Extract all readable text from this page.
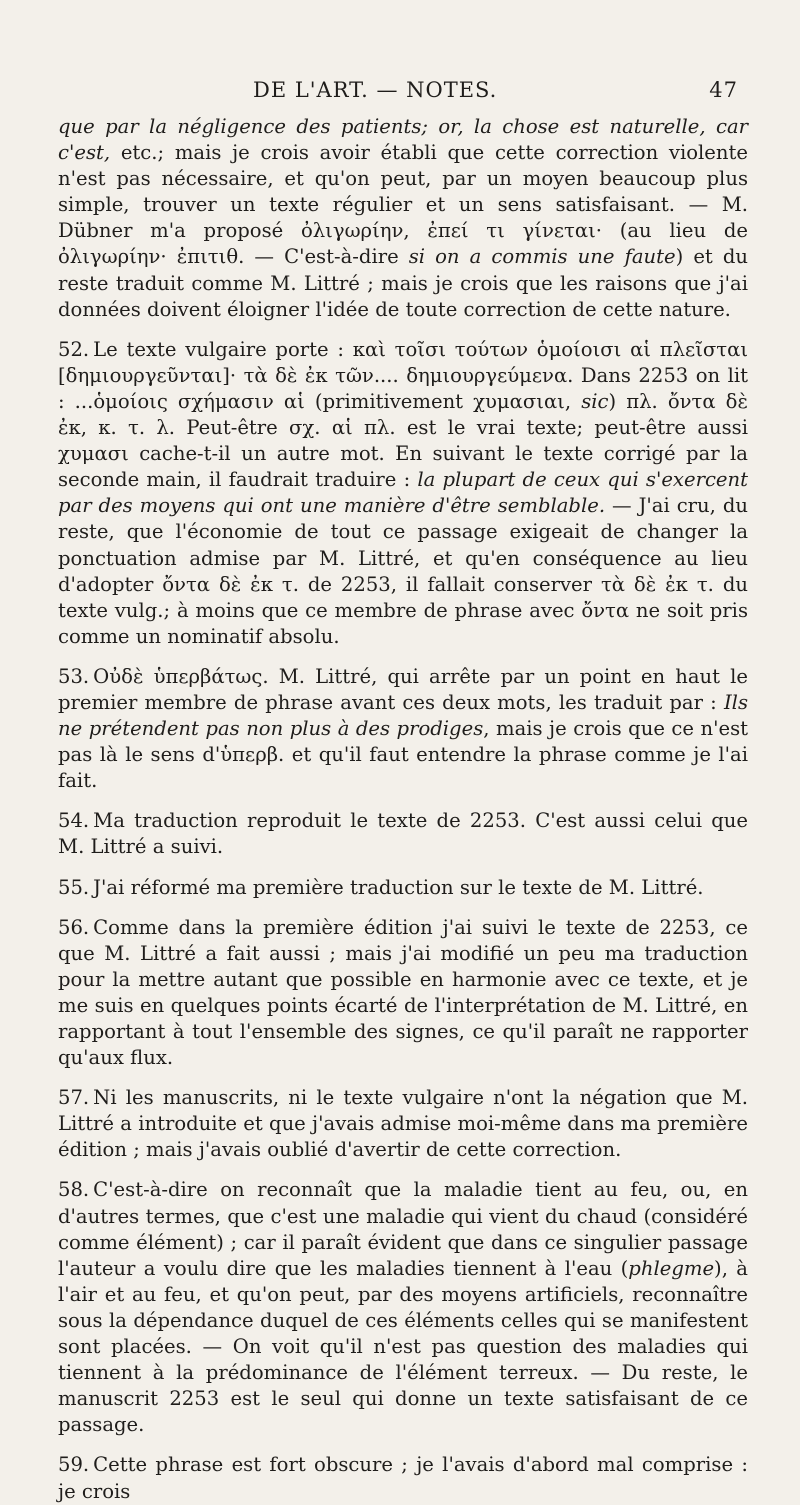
DE L'ART. — NOTES.	47

que par la négligence des patients; or, la chose est naturelle, car c'est, etc.; mais je crois avoir établi que cette correction violente n'est pas nécessaire, et qu'on peut, par un moyen beaucoup plus simple, trouver un texte régulier et un sens satisfaisant. — M. Dübner m'a proposé ὀλιγωρίην, ἐπεί τι γίνεται· (au lieu de ὀλιγωρίην· ἐπιτιθ. — C'est-à-dire si on a commis une faute) et du reste traduit comme M. Littré ; mais je crois que les raisons que j'ai données doivent éloigner l'idée de toute correction de cette nature.

52. Le texte vulgaire porte : καὶ τοῖσι τούτων ὁμοίοισι αἱ πλεῖσται [δημιουργεῦνται]· τὰ δὲ ἐκ τῶν.... δημιουργεύμενα. Dans 2253 on lit : ...ὁμοίοις σχήμασιν αἱ (primitivement χυμασιαι, sic) πλ. ὄντα δὲ ἐκ, κ. τ. λ. Peut-être σχ. αἱ πλ. est le vrai texte; peut-être aussi χυμασι cache-t-il un autre mot. En suivant le texte corrigé par la seconde main, il faudrait traduire : la plupart de ceux qui s'exercent par des moyens qui ont une manière d'être semblable. — J'ai cru, du reste, que l'économie de tout ce passage exigeait de changer la ponctuation admise par M. Littré, et qu'en conséquence au lieu d'adopter ὄντα δὲ ἐκ τ. de 2253, il fallait conserver τὰ δὲ ἐκ τ. du texte vulg.; à moins que ce membre de phrase avec ὄντα ne soit pris comme un nominatif absolu.

53. Οὐδὲ ὑπερβάτως. M. Littré, qui arrête par un point en haut le premier membre de phrase avant ces deux mots, les traduit par : Ils ne prétendent pas non plus à des prodiges, mais je crois que ce n'est pas là le sens d'ὑπερβ. et qu'il faut entendre la phrase comme je l'ai fait.

54. Ma traduction reproduit le texte de 2253. C'est aussi celui que M. Littré a suivi.

55. J'ai réformé ma première traduction sur le texte de M. Littré.

56. Comme dans la première édition j'ai suivi le texte de 2253, ce que M. Littré a fait aussi ; mais j'ai modifié un peu ma traduction pour la mettre autant que possible en harmonie avec ce texte, et je me suis en quelques points écarté de l'interprétation de M. Littré, en rapportant à tout l'ensemble des signes, ce qu'il paraît ne rapporter qu'aux flux.

57. Ni les manuscrits, ni le texte vulgaire n'ont la négation que M. Littré a introduite et que j'avais admise moi-même dans ma première édition ; mais j'avais oublié d'avertir de cette correction.

58. C'est-à-dire on reconnaît que la maladie tient au feu, ou, en d'autres termes, que c'est une maladie qui vient du chaud (considéré comme élément) ; car il paraît évident que dans ce singulier passage l'auteur a voulu dire que les maladies tiennent à l'eau (phlegme), à l'air et au feu, et qu'on peut, par des moyens artificiels, reconnaître sous la dépendance duquel de ces éléments celles qui se manifestent sont placées. — On voit qu'il n'est pas question des maladies qui tiennent à la prédominance de l'élément terreux. — Du reste, le manuscrit 2253 est le seul qui donne un texte satisfaisant de ce passage.

59. Cette phrase est fort obscure ; je l'avais d'abord mal comprise : je crois
